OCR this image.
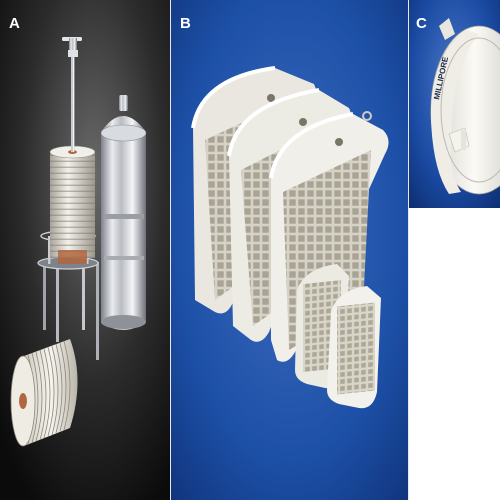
A	B
MILLIPORE
C
